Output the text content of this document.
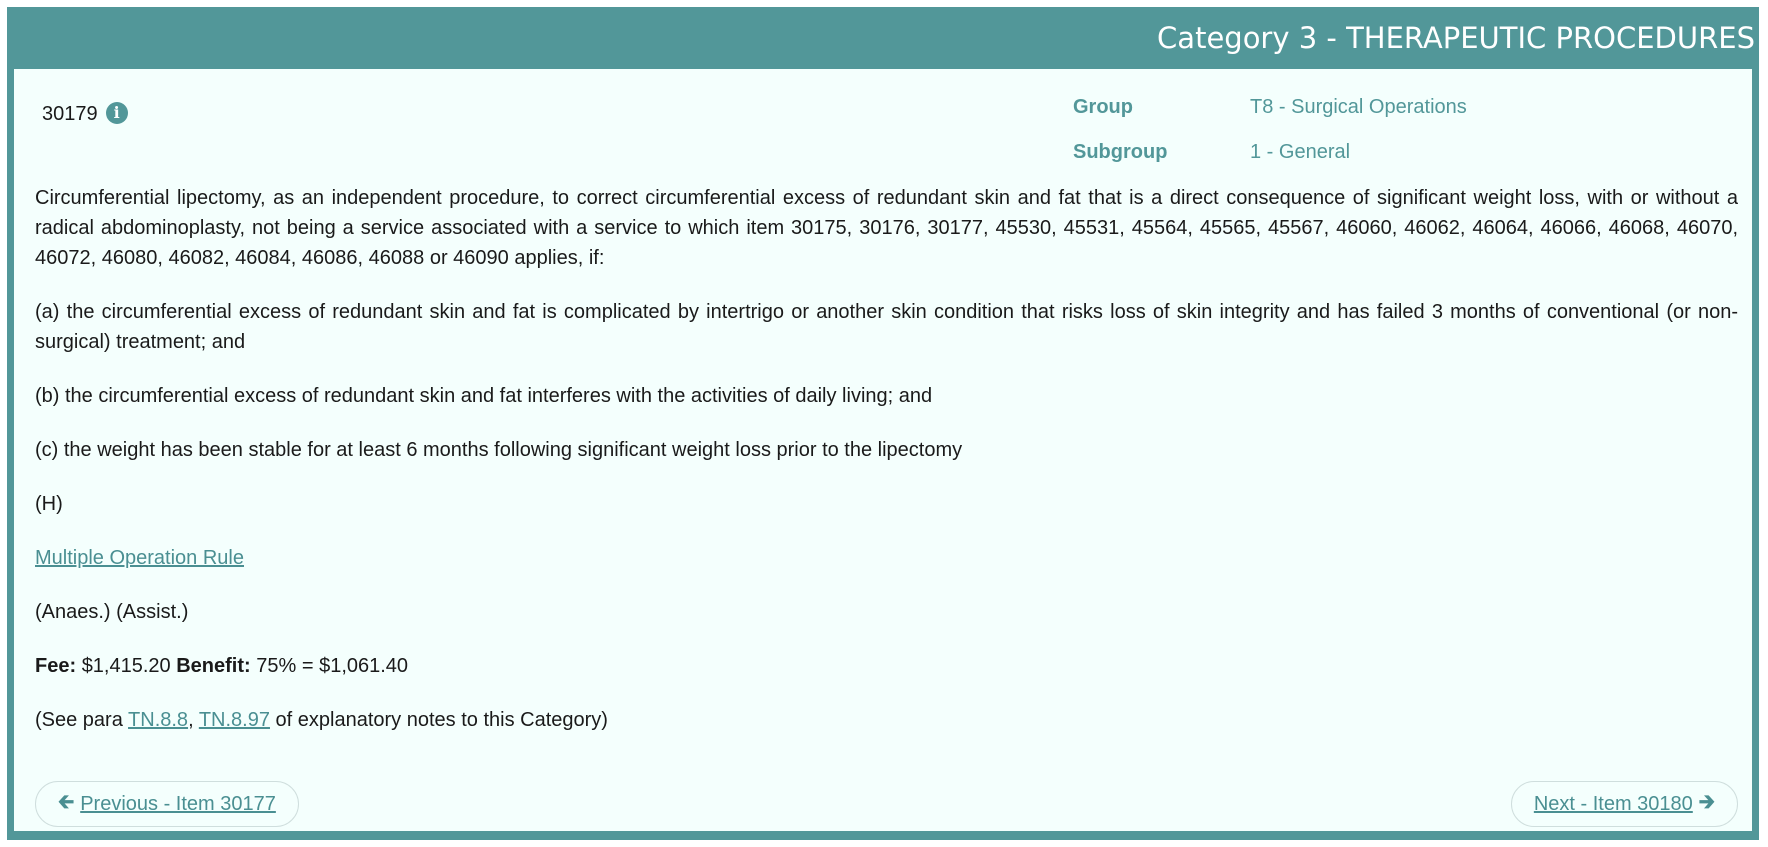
Category 3 - THERAPEUTIC PROCEDURES
30179 i	Group	T8 - Surgical Operations
Subgroup	1 - General

Circumferential lipectomy, as an independent procedure, to correct circumferential excess of redundant skin and fat that is a direct consequence of significant weight loss, with or without a radical abdominoplasty, not being a service associated with a service to which item 30175, 30176, 30177, 45530, 45531, 45564, 45565, 45567, 46060, 46062, 46064, 46066, 46068, 46070, 46072, 46080, 46082, 46084, 46086, 46088 or 46090 applies, if:

(a) the circumferential excess of redundant skin and fat is complicated by intertrigo or another skin condition that risks loss of skin integrity and has failed 3 months of conventional (or non-surgical) treatment; and

(b) the circumferential excess of redundant skin and fat interferes with the activities of daily living; and

(c) the weight has been stable for at least 6 months following significant weight loss prior to the lipectomy

(H)

Multiple Operation Rule

(Anaes.) (Assist.)

Fee: $1,415.20 Benefit: 75% = $1,061.40

(See para TN.8.8, TN.8.97 of explanatory notes to this Category)

🡰 Previous - Item 30177	Next - Item 30180 🡲
